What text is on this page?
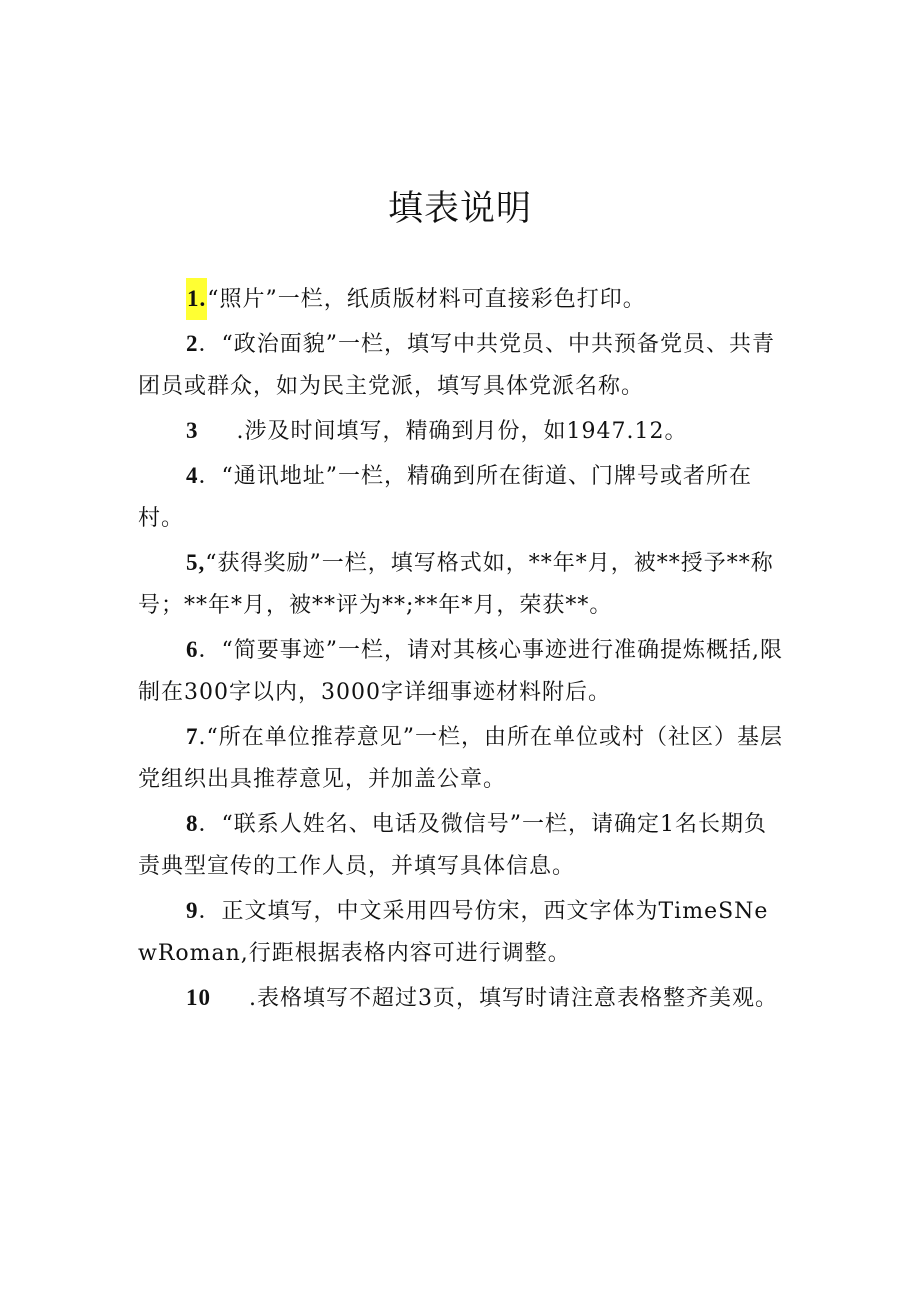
填表说明

1.“照片”一栏，纸质版材料可直接彩色打印。

2．“政治面貌”一栏，填写中共党员、中共预备党员、共青团员或群众，如为民主党派，填写具体党派名称。

3 .涉及时间填写，精确到月份，如1947.12。

4．“通讯地址”一栏，精确到所在街道、门牌号或者所在村。

5,“获得奖励”一栏，填写格式如，**年*月，被**授予**称号；**年*月，被**评为**;**年*月，荣获**。

6．“简要事迹”一栏，请对其核心事迹进行准确提炼概括,限制在300字以内，3000字详细事迹材料附后。

7.“所在单位推荐意见”一栏，由所在单位或村（社区）基层党组织出具推荐意见，并加盖公章。

8．“联系人姓名、电话及微信号”一栏，请确定1名长期负责典型宣传的工作人员，并填写具体信息。

9．正文填写，中文采用四号仿宋，西文字体为TimeSNewRoman,行距根据表格内容可进行调整。

10 .表格填写不超过3页，填写时请注意表格整齐美观。
